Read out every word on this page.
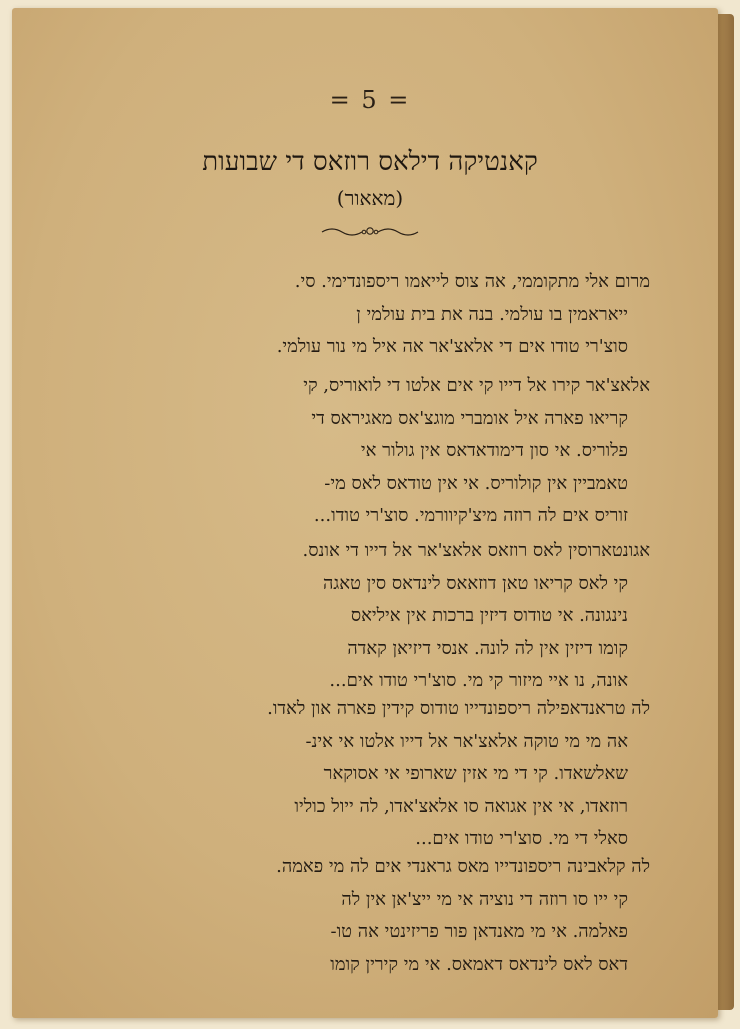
= 5 =
קאנטיקה דילאס רוזאס די שבועות
(מאאור)
מרום אלי מתקוממי, אה צוס לייאמו ריספונדימי. סי.
ייאראמין בו עולמי. בנה את בית עולמי ן
סוצ'רי טודו אים די אלאצ'אר אה איל מי נור עולמי.
אלאצ'אר קירו אל דייו קי אים אלטו די לואוריס, קי
קריאו פארה איל אומברי מוגצ'אס מאגיראס די
פלוריס. אי סון דימודאדאס אין גולור אי
טאמביין אין קולוריס. אי אין טודאס לאס מי-
זוריס אים לה רוזה מיצ'קיוורמי. סוצ'רי טודו...
אגונטארוסין לאס רוזאס אלאצ'אר אל דייו די אונס.
קי לאס קריאו טאן דוזאאס לינדאס סין טאגה
נינגונה. אי טודוס דיזין ברכות אין איליאס
קומו דיזין אין לה לונה. אנסי דיזיאן קאדה
אונה, נו איי מיזור קי מי. סוצ'רי טודו אים...
לה טראנדאפילה ריספונדייו טודוס קידין פארה און לאדו.
אה מי מי טוקה אלאצ'אר אל דייו אלטו אי אינ-
שאלשאדו. קי די מי אזין שארופי אי אסוקאר
רוזאדו, אי אין אגואה סו אלאצ'אדו, לה ייול כוליו
סאלי די מי. סוצ'רי טודו אים...
לה קלאבינה ריספונדייו מאס גראנדי אים לה מי פאמה.
קי ייו סו רוזה די נוציה אי מי ייצ'אן אין לה
פאלמה. אי מי מאנדאן פור פריזינטי אה טו-
דאס לאס לינדאס דאמאס. אי מי קירין קומו
